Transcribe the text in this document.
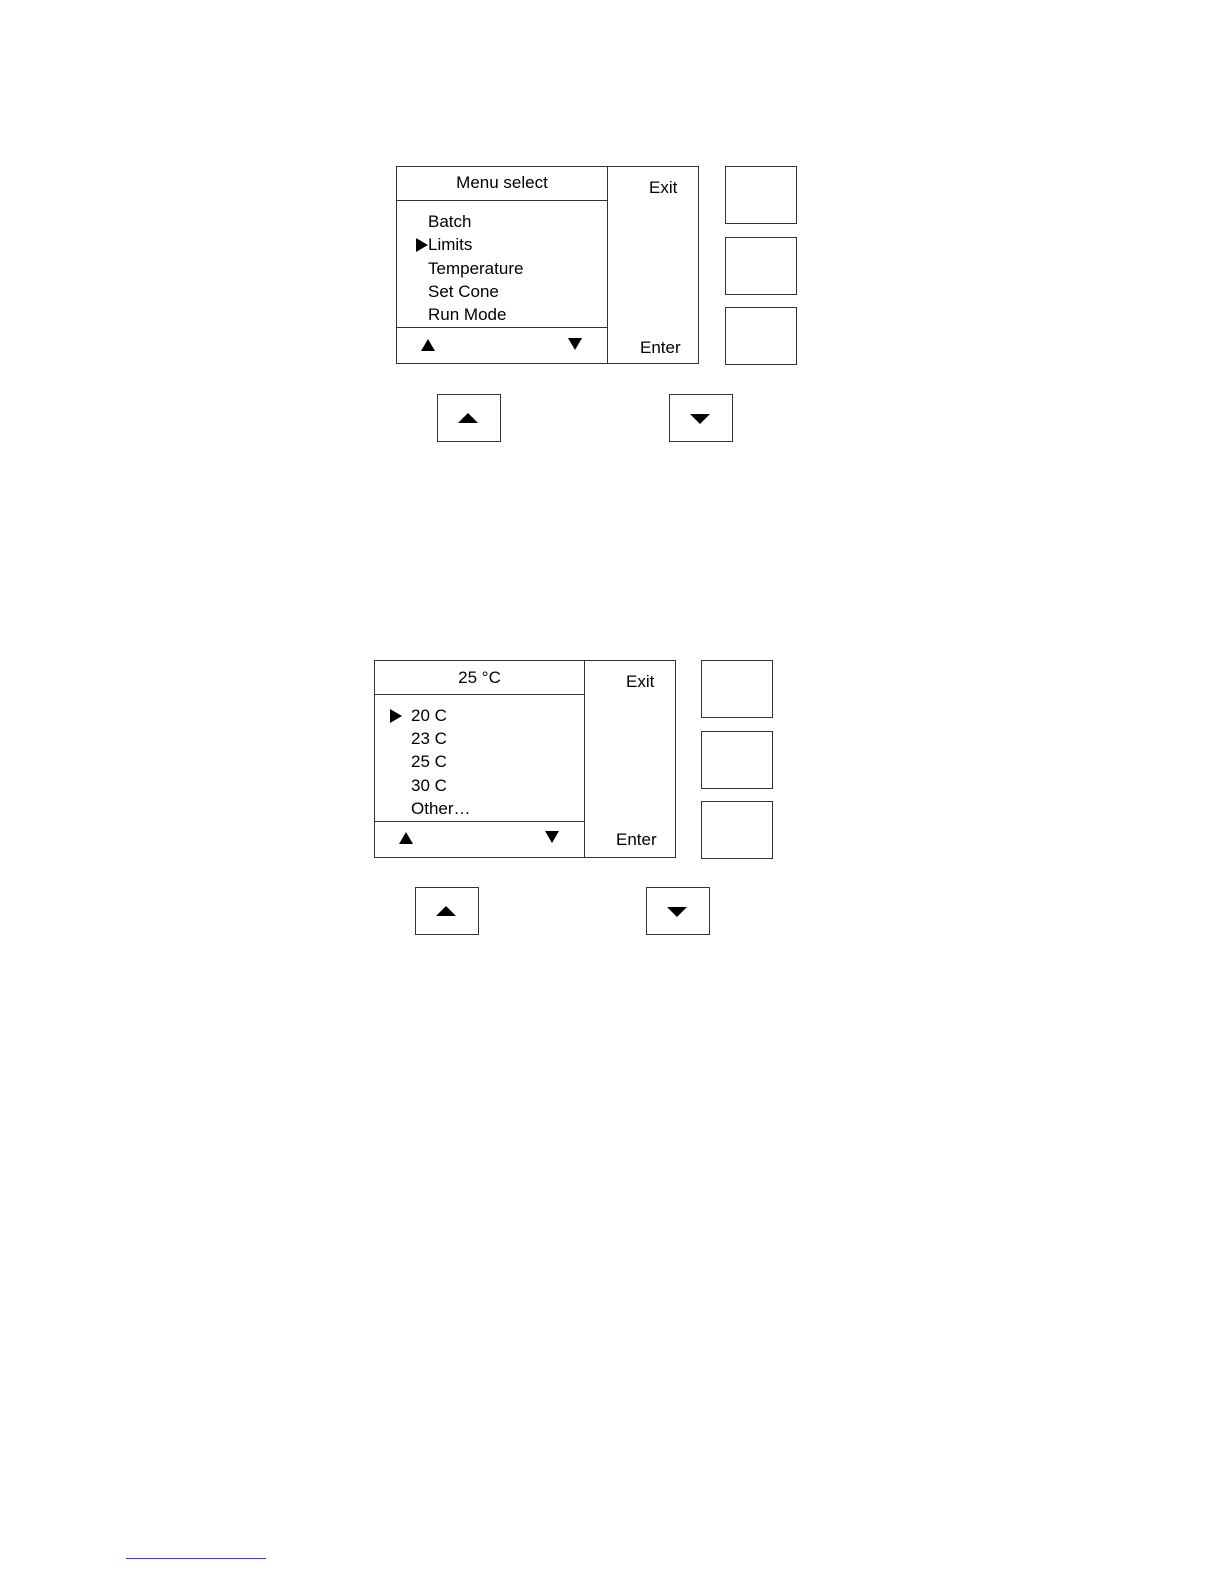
Menu select
Batch
Limits
Temperature
Set Cone
Run Mode
Exit
Enter
25 °C
20 C
23 C
25 C
30 C
Other…
Exit
Enter
